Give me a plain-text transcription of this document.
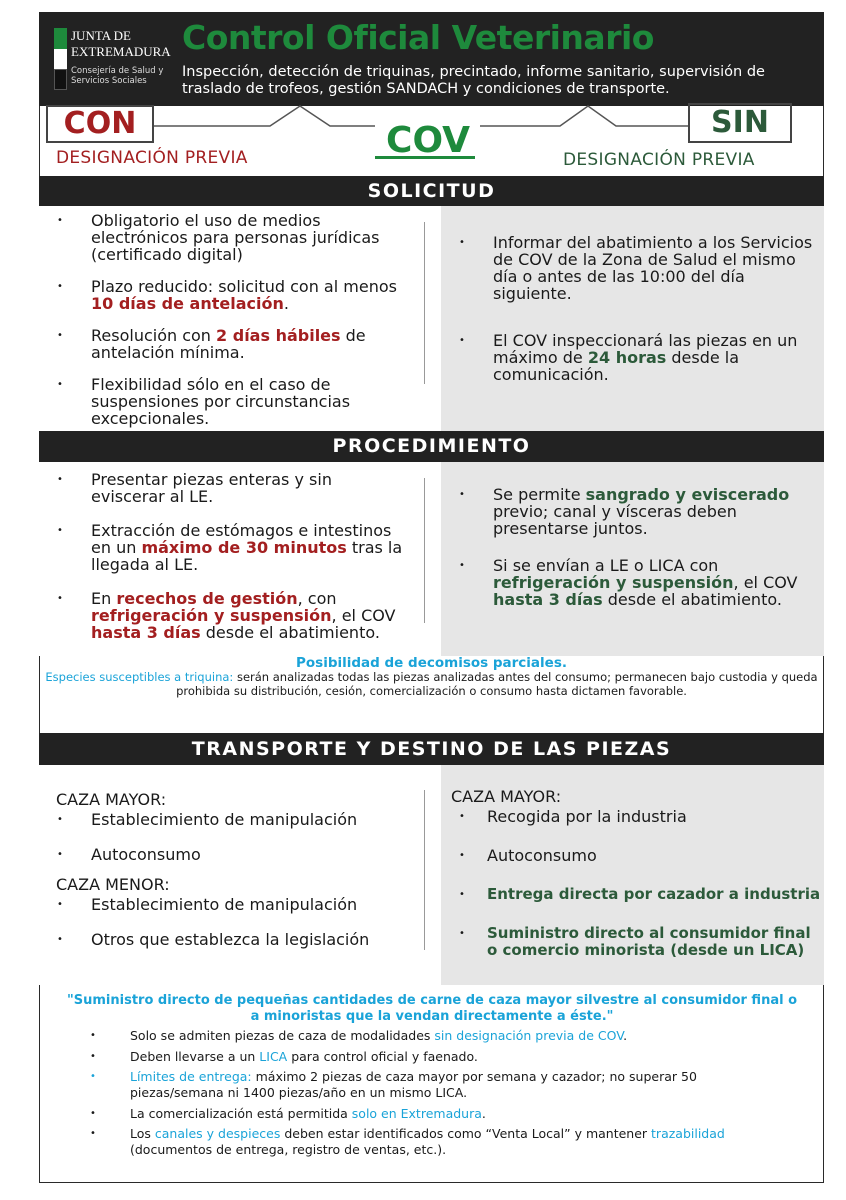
JUNTA DE
EXTREMADURA
Consejería de Salud y Servicios Sociales
Control Oficial Veterinario
Inspección, detección de triquinas, precintado, informe sanitario, supervisión de traslado de trofeos, gestión SANDACH y condiciones de transporte.
CON	SIN
DESIGNACIÓN PREVIA	DESIGNACIÓN PREVIA
COV
SOLICITUD
• Obligatorio el uso de medios electrónicos para personas jurídicas (certificado digital)
• Plazo reducido: solicitud con al menos 10 días de antelación.
• Resolución con 2 días hábiles de antelación mínima.
• Flexibilidad sólo en el caso de suspensiones por circunstancias excepcionales.
• Informar del abatimiento a los Servicios de COV de la Zona de Salud el mismo día o antes de las 10:00 del día siguiente.
• El COV inspeccionará las piezas en un máximo de 24 horas desde la comunicación.
PROCEDIMIENTO
• Presentar piezas enteras y sin eviscerar al LE.
• Extracción de estómagos e intestinos en un máximo de 30 minutos tras la llegada al LE.
• En recechos de gestión, con refrigeración y suspensión, el COV hasta 3 días desde el abatimiento.
• Se permite sangrado y eviscerado previo; canal y vísceras deben presentarse juntos.
• Si se envían a LE o LICA con refrigeración y suspensión, el COV hasta 3 días desde el abatimiento.
Posibilidad de decomisos parciales.
Especies susceptibles a triquina: serán analizadas todas las piezas analizadas antes del consumo; permanecen bajo custodia y queda prohibida su distribución, cesión, comercialización o consumo hasta dictamen favorable.
TRANSPORTE Y DESTINO DE LAS PIEZAS
CAZA MAYOR:
• Establecimiento de manipulación
• Autoconsumo
CAZA MENOR:
• Establecimiento de manipulación
• Otros que establezca la legislación
CAZA MAYOR:
• Recogida por la industria
• Autoconsumo
• Entrega directa por cazador a industria
• Suministro directo al consumidor final o comercio minorista (desde un LICA)
"Suministro directo de pequeñas cantidades de carne de caza mayor silvestre al consumidor final o a minoristas que la vendan directamente a éste."
• Solo se admiten piezas de caza de modalidades sin designación previa de COV.
• Deben llevarse a un LICA para control oficial y faenado.
• Límites de entrega: máximo 2 piezas de caza mayor por semana y cazador; no superar 50 piezas/semana ni 1400 piezas/año en un mismo LICA.
• La comercialización está permitida solo en Extremadura.
• Los canales y despieces deben estar identificados como “Venta Local” y mantener trazabilidad (documentos de entrega, registro de ventas, etc.).
